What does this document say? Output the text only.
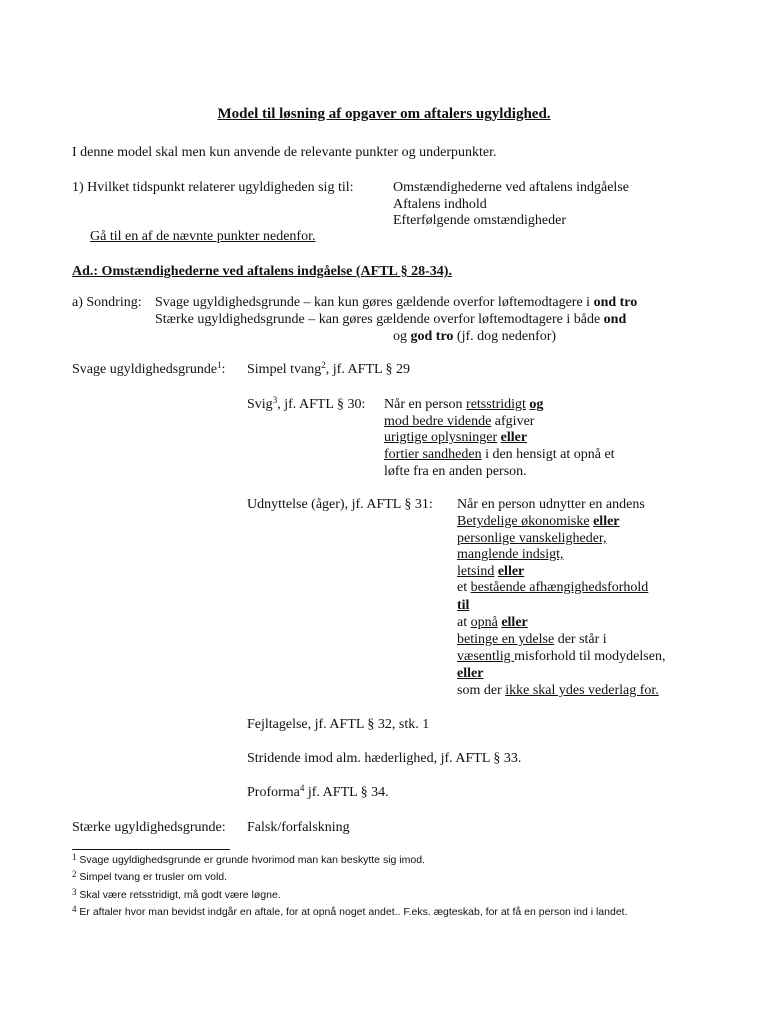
Model til løsning af opgaver om aftalers ugyldighed.
I denne model skal men kun anvende de relevante punkter og underpunkter.
1) Hvilket tidspunkt relaterer ugyldigheden sig til:	Omstændighederne ved aftalens indgåelse
Aftalens indhold
Efterfølgende omstændigheder
Gå til en af de nævnte punkter nedenfor.
Ad.: Omstændighederne ved aftalens indgåelse (AFTL § 28-34).
a) Sondring: Svage ugyldighedsgrunde – kan kun gøres gældende overfor løftemodtagere i ond tro
Stærke ugyldighedsgrunde – kan gøres gældende overfor løftemodtagere i både ond
og god tro (jf. dog nedenfor)
Svage ugyldighedsgrunde$^1$: Simpel tvang$^2$, jf. AFTL § 29
Svig$^3$, jf. AFTL § 30: Når en person retsstridigt og
mod bedre vidende afgiver
urigtige oplysninger eller
fortier sandheden i den hensigt at opnå et
løfte fra en anden person.
Udnyttelse (åger), jf. AFTL § 31: Når en person udnytter en andens
Betydelige økonomiske eller
personlige vanskeligheder,
manglende indsigt,
letsind eller
et bestående afhængighedsforhold
til
at opnå eller
betinge en ydelse der står i
væsentlig misforhold til modydelsen,
eller
som der ikke skal ydes vederlag for.
Fejltagelse, jf. AFTL § 32, stk. 1
Stridende imod alm. hæderlighed, jf. AFTL § 33.
Proforma$^4$ jf. AFTL § 34.
Stærke ugyldighedsgrunde: Falsk/forfalskning
$^1$ Svage ugyldighedsgrunde er grunde hvorimod man kan beskytte sig imod.
$^2$ Simpel tvang er trusler om vold.
$^3$ Skal være retsstridigt, må godt være løgne.
$^4$ Er aftaler hvor man bevidst indgår en aftale, for at opnå noget andet.. F.eks. ægteskab, for at få en person ind i landet.
